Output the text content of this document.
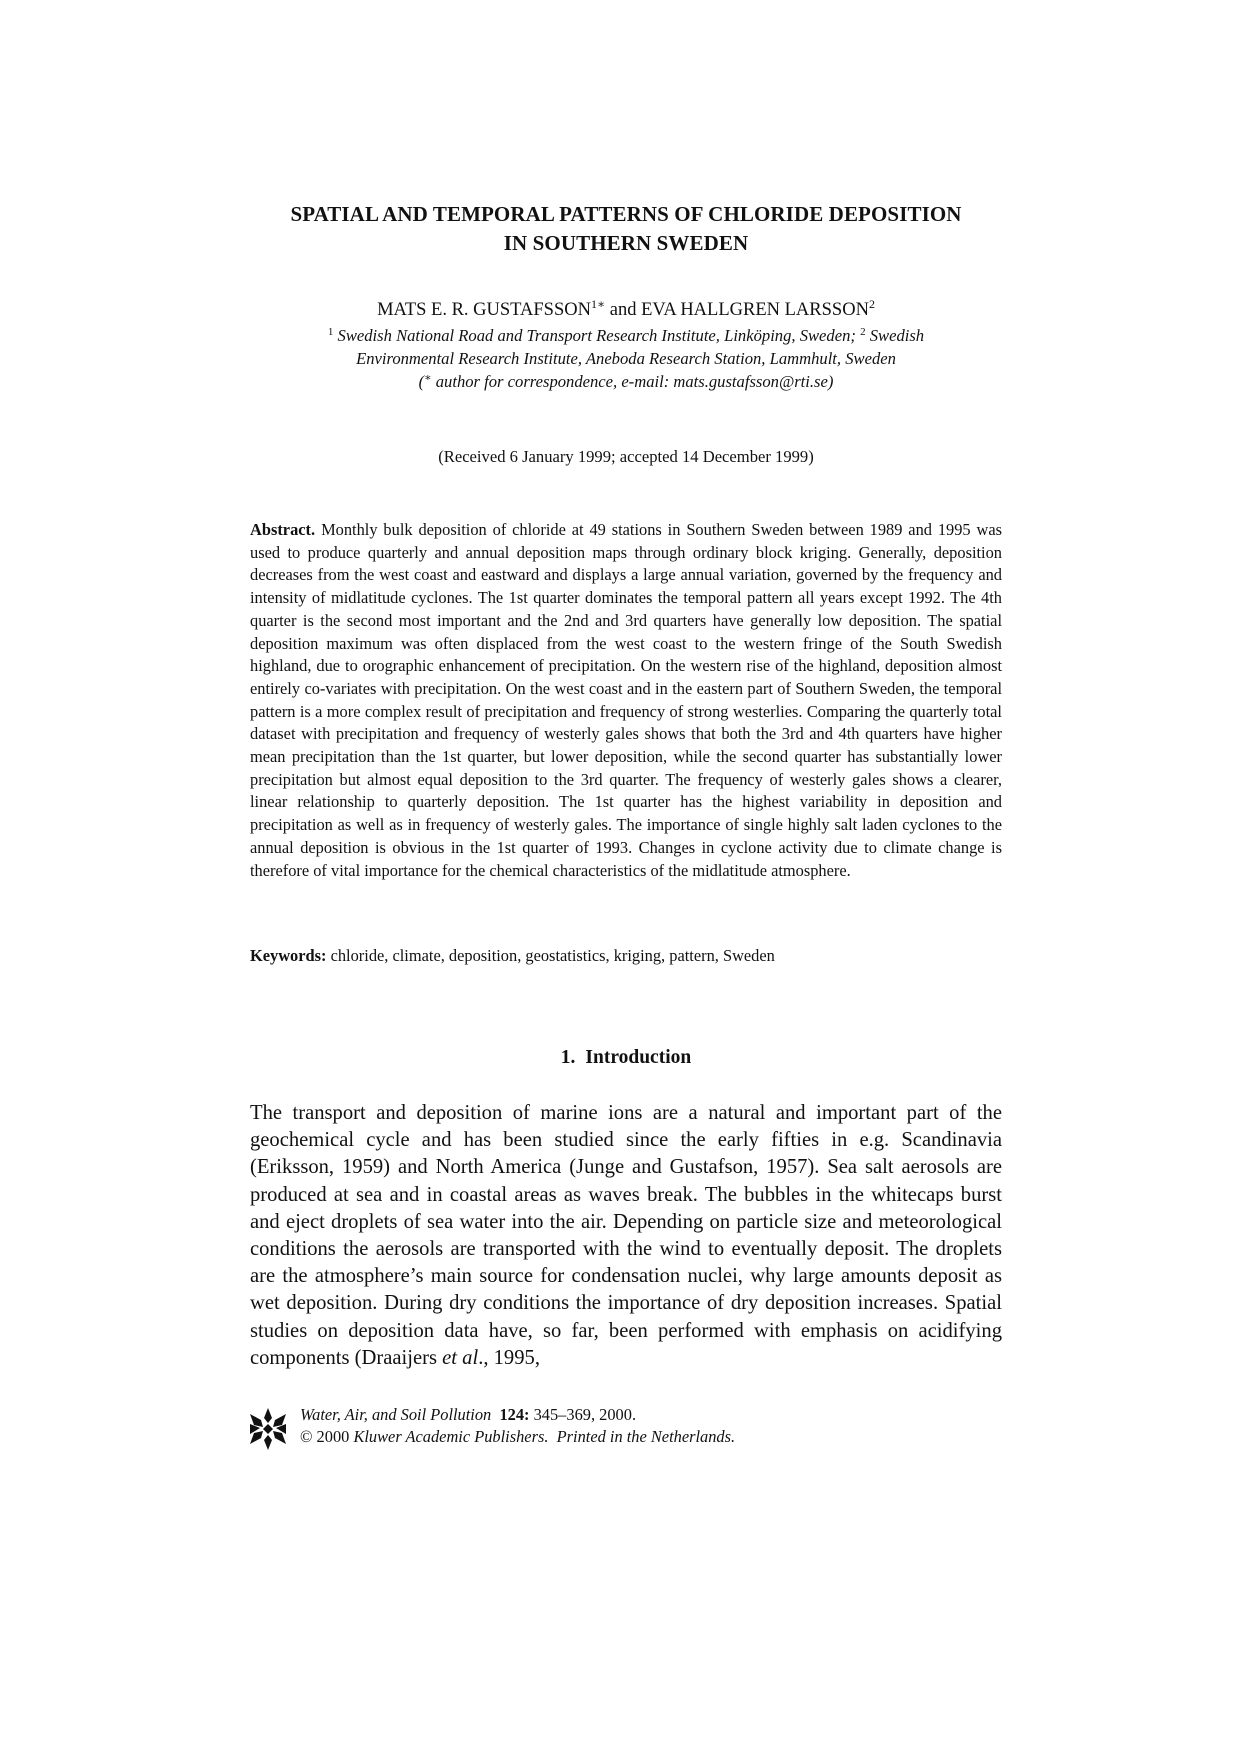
SPATIAL AND TEMPORAL PATTERNS OF CHLORIDE DEPOSITION
IN SOUTHERN SWEDEN
MATS E. R. $GUSTAFSSON^{1∗}$ and EVA HALLGREN LARSSON$^2$
$^1$ Swedish National Road and Transport Research Institute, Linköping, Sweden; $^2$ Swedish
Environmental Research Institute, Aneboda Research Station, Lammhult, Sweden
(∗ author for correspondence, e-mail: mats.gustafsson@rti.se)
(Received 6 January 1999; accepted 14 December 1999)
Abstract. Monthly bulk deposition of chloride at 49 stations in Southern Sweden between 1989 and 1995 was used to produce quarterly and annual deposition maps through ordinary block kriging. Generally, deposition decreases from the west coast and eastward and displays a large annual variation, governed by the frequency and intensity of midlatitude cyclones. The 1st quarter dominates the temporal pattern all years except 1992. The 4th quarter is the second most important and the 2nd and 3rd quarters have generally low deposition. The spatial deposition maximum was often displaced from the west coast to the western fringe of the South Swedish highland, due to orographic enhancement of precipitation. On the western rise of the highland, deposition almost entirely co-variates with precipitation. On the west coast and in the eastern part of Southern Sweden, the temporal pattern is a more complex result of precipitation and frequency of strong westerlies. Comparing the quarterly total dataset with precipitation and frequency of westerly gales shows that both the 3rd and 4th quarters have higher mean precipitation than the 1st quarter, but lower deposition, while the second quarter has substantially lower precipitation but almost equal deposition to the 3rd quarter. The frequency of westerly gales shows a clearer, linear relationship to quarterly deposition. The 1st quarter has the highest variability in deposition and precipitation as well as in frequency of westerly gales. The importance of single highly salt laden cyclones to the annual deposition is obvious in the 1st quarter of 1993. Changes in cyclone activity due to climate change is therefore of vital importance for the chemical characteristics of the midlatitude atmosphere.
Keywords: chloride, climate, deposition, geostatistics, kriging, pattern, Sweden
1. Introduction
The transport and deposition of marine ions are a natural and important part of the geochemical cycle and has been studied since the early fifties in e.g. Scandinavia (Eriksson, 1959) and North America (Junge and Gustafson, 1957). Sea salt aerosols are produced at sea and in coastal areas as waves break. The bubbles in the whitecaps burst and eject droplets of sea water into the air. Depending on particle size and meteorological conditions the aerosols are transported with the wind to eventually deposit. The droplets are the atmosphere’s main source for condensation nuclei, why large amounts deposit as wet deposition. During dry conditions the importance of dry deposition increases. Spatial studies on deposition data have, so far, been performed with emphasis on acidifying components (Draaijers et al., 1995,
Water, Air, and Soil Pollution 124: 345–369, 2000.
© 2000 Kluwer Academic Publishers. Printed in the Netherlands.
